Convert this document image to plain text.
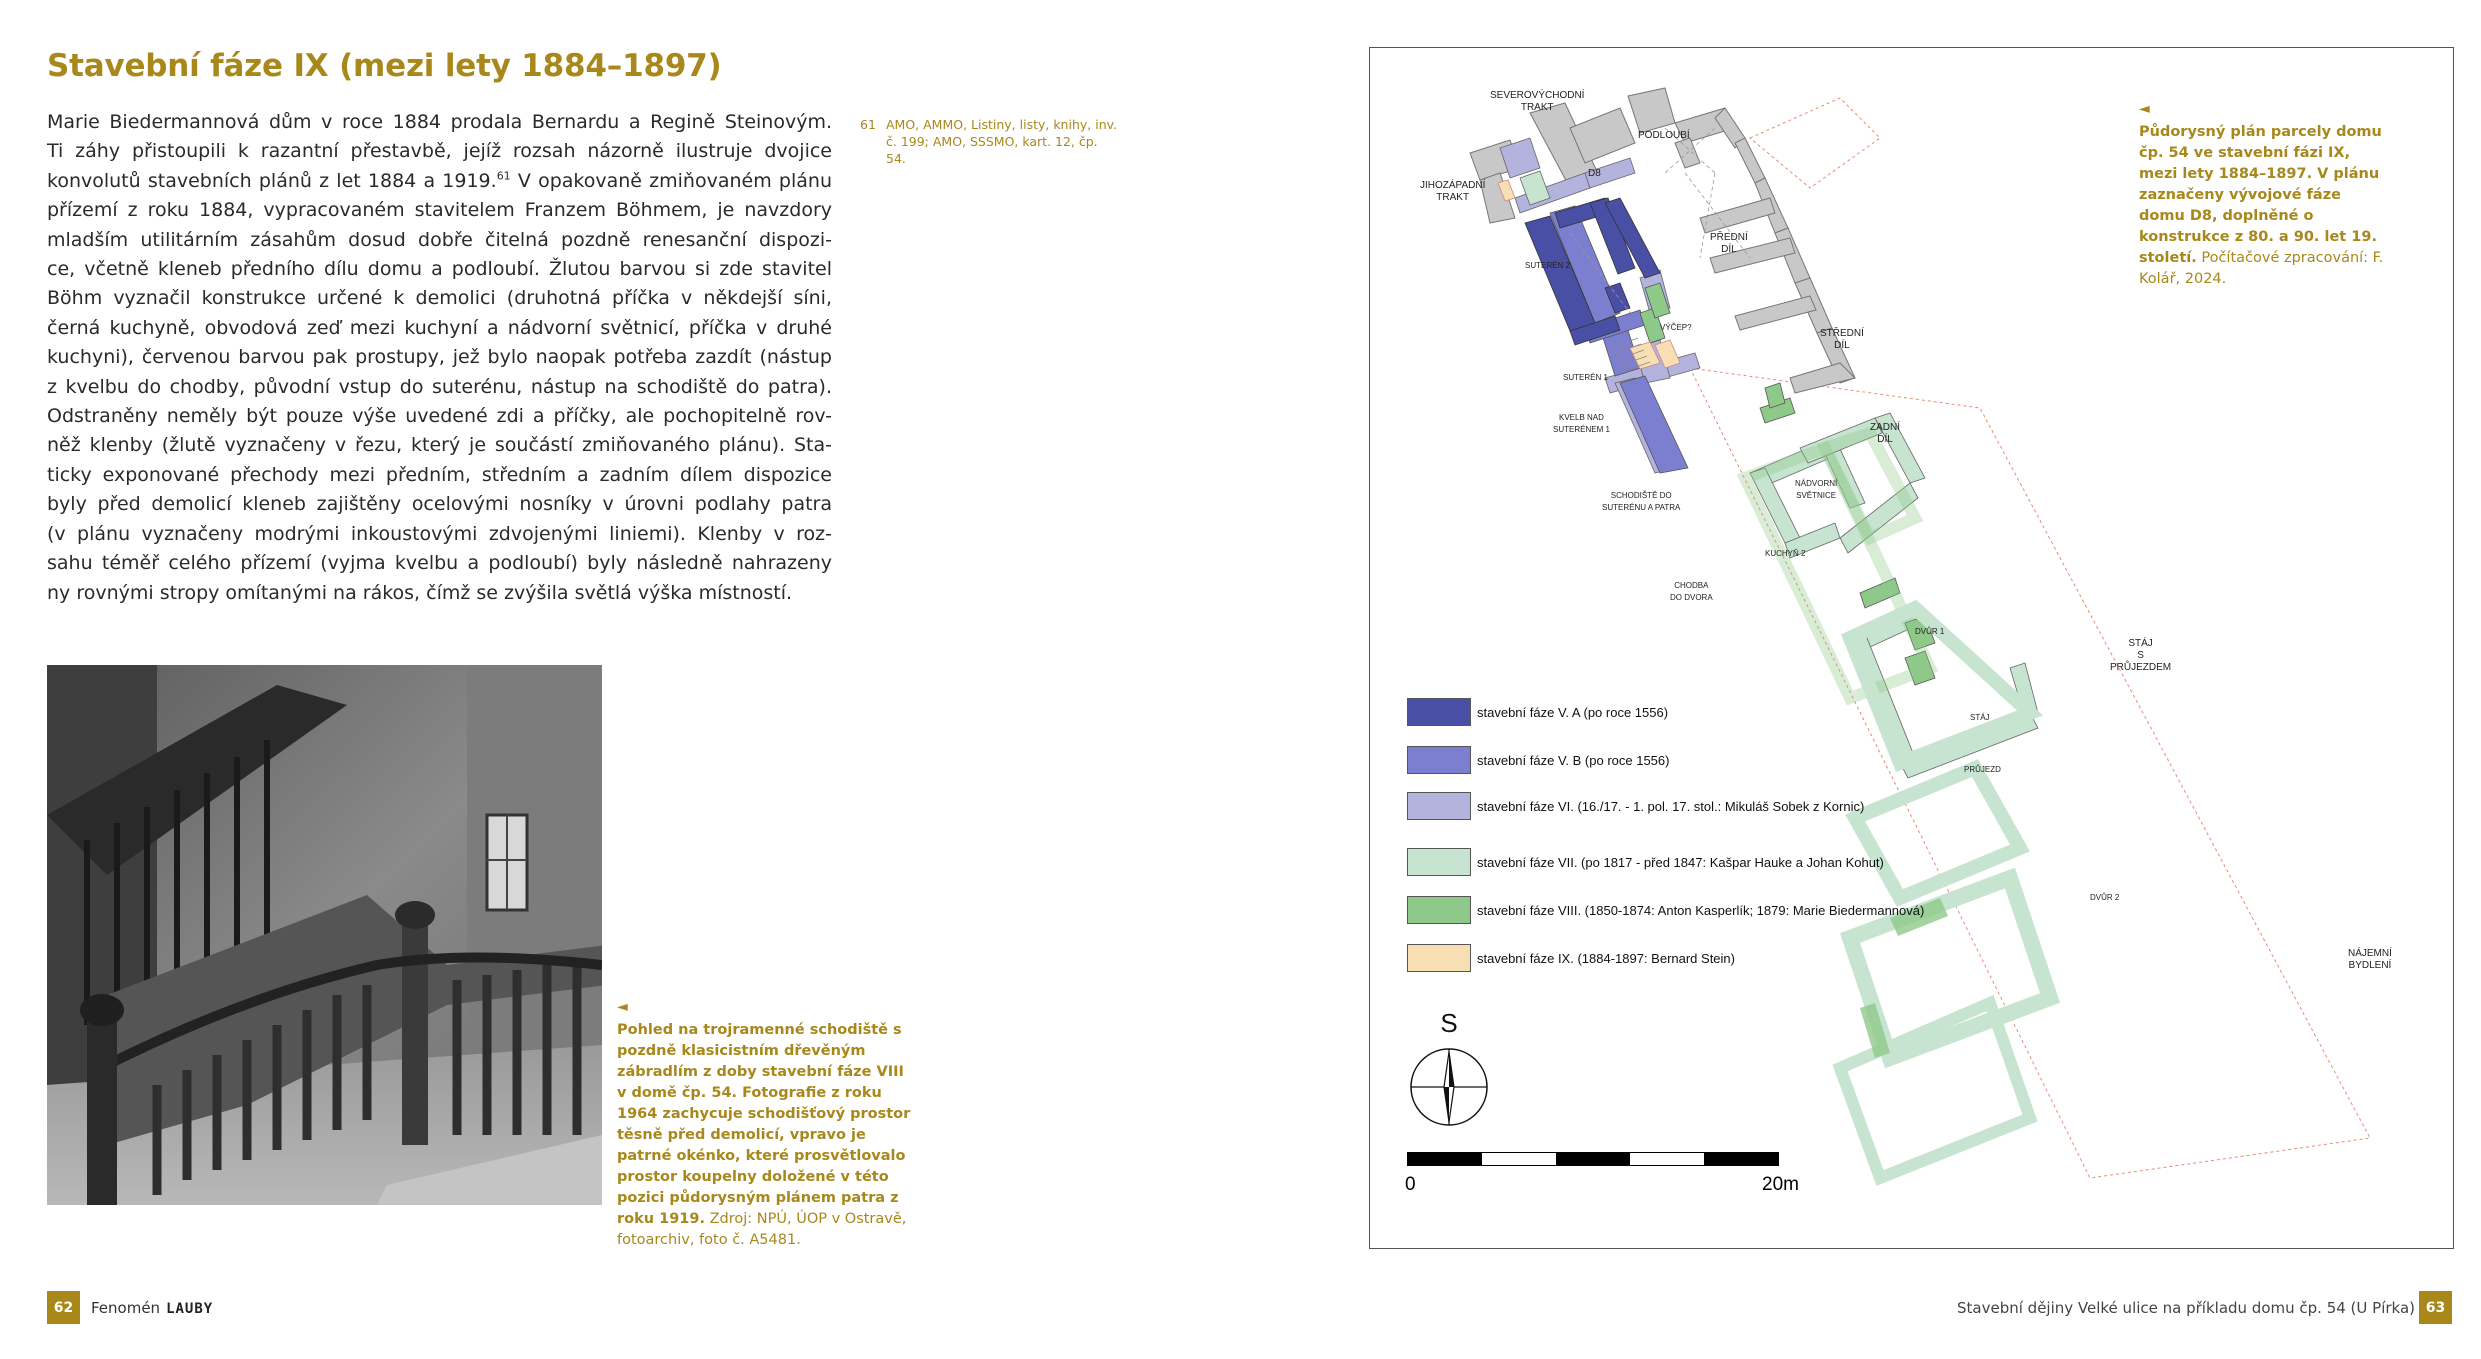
Stavební fáze IX (mezi lety 1884–1897)
Marie Biedermannová dům v roce 1884 prodala Bernardu a Regině Steinovým.
Ti záhy přistoupili k razantní přestavbě, jejíž rozsah názorně ilustruje dvojice
konvolutů stavebních plánů z let 1884 a 1919.61 V opakovaně zmiňovaném plánu
přízemí z roku 1884, vypracovaném stavitelem Franzem Böhmem, je navzdory
mladším utilitárním zásahům dosud dobře čitelná pozdně renesanční dispozi-
ce, včetně kleneb předního dílu domu a podloubí. Žlutou barvou si zde stavitel
Böhm vyznačil konstrukce určené k demolici (druhotná příčka v někdejší síni,
černá kuchyně, obvodová zeď mezi kuchyní a nádvorní světnicí, příčka v druhé
kuchyni), červenou barvou pak prostupy, jež bylo naopak potřeba zazdít (nástup
z kvelbu do chodby, původní vstup do suterénu, nástup na schodiště do patra).
Odstraněny neměly být pouze výše uvedené zdi a příčky, ale pochopitelně rov-
něž klenby (žlutě vyznačeny v řezu, který je součástí zmiňovaného plánu). Sta-
ticky exponované přechody mezi předním, středním a zadním dílem dispozice
byly před demolicí kleneb zajištěny ocelovými nosníky v úrovni podlahy patra
(v plánu vyznačeny modrými inkoustovými zdvojenými liniemi). Klenby v roz-
sahu téměř celého přízemí (vyjma kvelbu a podloubí) byly následně nahrazeny
ny rovnými stropy omítanými na rákos, čímž se zvýšila světlá výška místností.
61 AMO, AMMO, Listiny, listy, knihy, inv. č. 199; AMO, SSSMO, kart. 12, čp. 54.
◄
Pohled na trojramenné schodiště s pozdně klasicistním dřevěným zábradlím z doby stavební fáze VIII v domě čp. 54. Fotografie z roku 1964 zachycuje schodišťový prostor těsně před demolicí, vpravo je patrné okénko, které prosvětlovalo prostor koupelny doložené v této pozici půdorysným plánem patra z roku 1919. Zdroj: NPÚ, ÚOP v Ostravě, fotoarchiv, foto č. A5481.
62	Fenomén LAUBY
SEVEROVÝCHODNÍ
TRAKT
PODLOUBÍ
D8
JIHOZÁPADNÍ
TRAKT
PŘEDNÍ
DÍL
SUTERÉN 2
VÝČEP?
STŘEDNÍ
DÍL
SUTERÉN 1
KVELB NAD
SUTERÉNEM 1	ZADNÍ
DÍL
SCHODIŠTĚ DO
SUTERÉNU A PATRA
NÁDVORNÍ
SVĚTNICE
KUCHYŇ 2
CHODBA
DO DVORA
DVŮR 1
STÁJ
S
PRŮJEZDEM
STÁJ
PRŮJEZD
DVŮR 2
NÁJEMNÍ
BYDLENÍ
◄
Půdorysný plán parcely domu čp. 54 ve stavební fázi IX, mezi lety 1884–1897. V plánu zaznačeny vývojové fáze domu D8, doplněné o konstrukce z 80. a 90. let 19. století. Počítačové zpracování: F. Kolář, 2024.
stavební fáze V. A (po roce 1556)
stavební fáze V. B (po roce 1556)
stavební fáze VI. (16./17. - 1. pol. 17. stol.: Mikuláš Sobek z Kornic)
stavební fáze VII. (po 1817 - před 1847: Kašpar Hauke a Johan Kohut)
stavební fáze VIII. (1850-1874: Anton Kasperlík; 1879: Marie Biedermannová)
stavební fáze IX. (1884-1897: Bernard Stein)
S
0	20m
Stavební dějiny Velké ulice na příkladu domu čp. 54 (U Pírka) 63
